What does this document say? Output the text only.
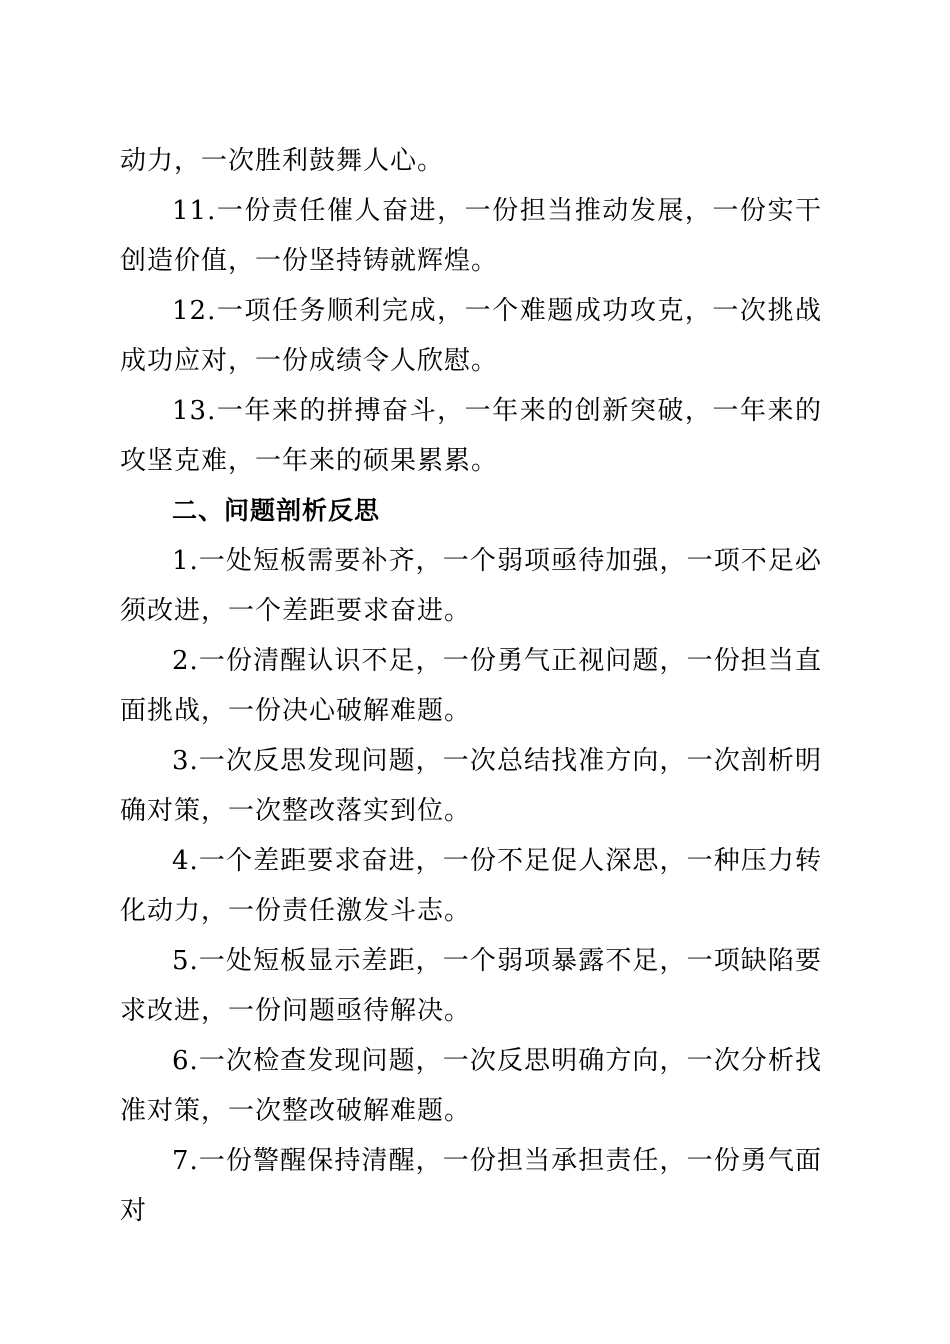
动力，一次胜利鼓舞人心。

11.一份责任催人奋进，一份担当推动发展，一份实干创造价值，一份坚持铸就辉煌。

12.一项任务顺利完成，一个难题成功攻克，一次挑战成功应对，一份成绩令人欣慰。

13.一年来的拼搏奋斗，一年来的创新突破，一年来的攻坚克难，一年来的硕果累累。

二、问题剖析反思

1.一处短板需要补齐，一个弱项亟待加强，一项不足必须改进，一个差距要求奋进。

2.一份清醒认识不足，一份勇气正视问题，一份担当直面挑战，一份决心破解难题。

3.一次反思发现问题，一次总结找准方向，一次剖析明确对策，一次整改落实到位。

4.一个差距要求奋进，一份不足促人深思，一种压力转化动力，一份责任激发斗志。

5.一处短板显示差距，一个弱项暴露不足，一项缺陷要求改进，一份问题亟待解决。

6.一次检查发现问题，一次反思明确方向，一次分析找准对策，一次整改破解难题。

7.一份警醒保持清醒，一份担当承担责任，一份勇气面对
